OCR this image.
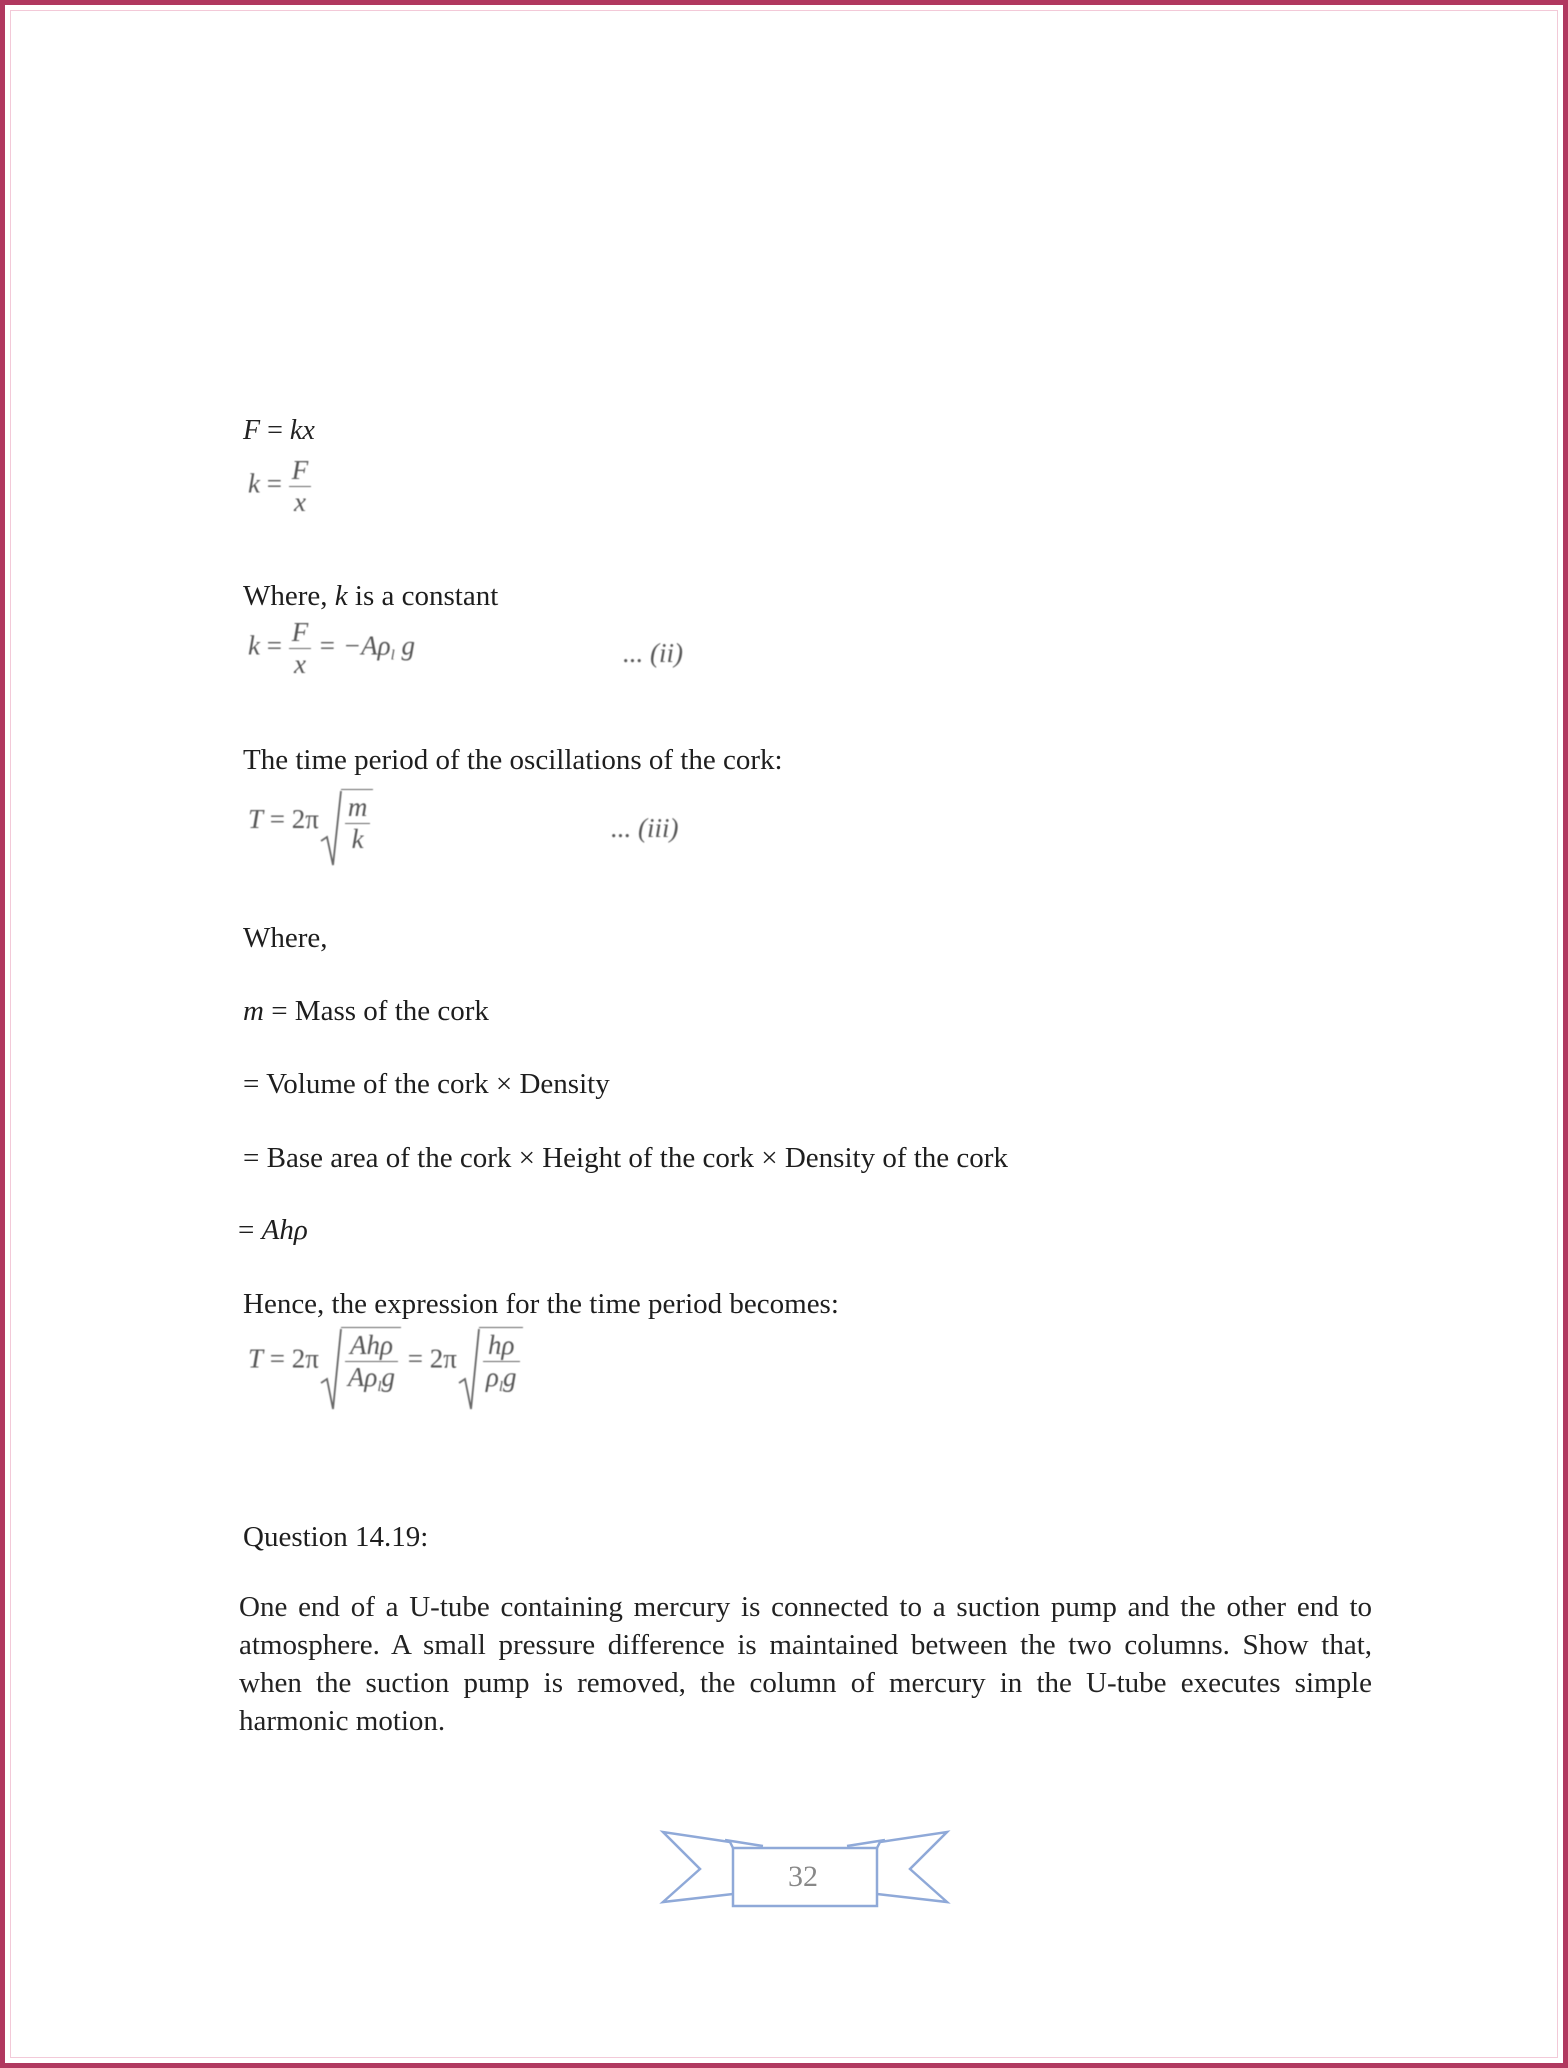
F = kx
$k = \frac{F}{x}$
Where, k is a constant
$k = \frac{F}{x} = -A\rho_l$ g	... (ii)
The time period of the oscillations of the cork:
$T = 2\pi \frac{m}{k}$	... (iii)
Where,
m = Mass of the cork
= Volume of the cork × Density
= Base area of the cork × Height of the cork × Density of the cork
= Ahρ
Hence, the expression for the time period becomes:
$T = 2\pi \frac{\text{Ahρ}}{A\rho_lg} = 2\pi \frac{h\rho}{\rho_lg}$
Question 14.19:
One end of a U-tube containing mercury is connected to a suction pump and the other end to atmosphere. A small pressure difference is maintained between the two columns. Show that, when the suction pump is removed, the column of mercury in the U-tube executes simple harmonic motion.
32
